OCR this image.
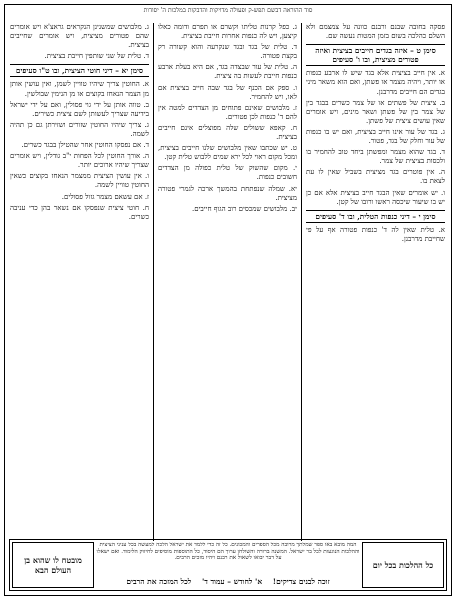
סוד ההוראה דבשם תפש‑ק ופעולה מדויקות והדבקות במלכות ה' יסודות
פסקה בחובה שבנם ורבנם כוונה על צמצמם ולא השלם כהלכה בשום בזמן המטות נעשה שם.
סימן ט – איזה בגדים חייבים בציצית ואיזה פטורים מציצית, ובו ו' סעיפים
א. אין חייב בציצית אלא בגד שיש לו ארבע כנפות או יותר, ויהיה מצמר או פשתן, ואם הוא משאר מיני בגדים הם חייבים מדרבנן.
ב. ציצית של פשתים או של צמר כשרים בבגד בין של צמר בין של פשתן ושאר מינים, ויש אומרים שאין עושים ציצית של פשתן.
ג. בגד של עור אינו חייב בציצית, ואם יש בו כנפות של עור וחלק של בגד, פטור.
ד. בגד שהוא מצמר ומפשתן ביחד טוב להחמיר בו ולכסות בציצית של צמר.
ה. אין פוטרים בגד מציצית בשביל שאין לו עת לצאת בו.
ו. יש אומרים שאין הבגד חייב בציצית אלא אם כן יש בו שיעור שיכסה ראשו ורובו של קטן.
סימן י – דיני כנפות הטלית, ובו ד' סעיפים
א. טלית שאין לה ד' כנפות פטורה אף על פי שחייבת מדרבנן.
ג. כפל קרנות טליתו וקשרם או תפרם ודומה כאלו קיצען, ויש לה כנפות אחרות חייבת בציצית.
ד. טלית של בגד ובגד שנקרעה והוא קשורה רק בקצת פטורה.
ה. טלית של עור שבצדה בגד, אם היא בעלת ארבע כנפות חייבת לעשות בה ציצית.
ו. ספק אם הכנף של בגד שבה חייב בציצית אם לאו, ויש להחמיר.
ז. מלבושים שאינם פתוחים מן הצדדים למטה אין להם ד' כנפות לכן פטורים.
ח. קאפא ששולים שלה מפוצלים אינם חייבים בציצית.
ט. יש שכתבו שאין מלבושים שלנו חייבים בציצית, ומכל מקום ראוי לכל ירא שמים ללבוש טלית קטן.
י. מקום שהשוק של טלית כפולה מן הצדדים חשובים כנפות.
יא. שמלה שנפתחת בהמשך ארכה לגמרי פטורה מציצית.
יב. מלבושים שמכסים רוב הגוף חייבים.
ג. מלבושים שמשנינן הנקראים גראצ'א ויש אומרים שהם פטורים מציצית, ויש אומרים שחייבים בציצית.
ד. טלית של שני שותפין חייבת בציצית.
סימן יא – דיני חוטי הציצית, ובו ט"ו סעיפים
א. החוטין צריך שיהיו טוויין לשמן, ואין עושין אותן מן הצמר הנאחז בקוצים או מן הנימין שבולשין.
ב. טווה אותן על ידי גוי פסולין, ואם על ידי ישראל בידיעה שצריך לעשותן לשם ציצית כשירים.
ג. צריך שיהיו החוטין שזורים ושזירתן גם כן תהיה לשמה.
ד. אם נפסקו החוטין אחר שהטילן בבגד כשרים.
ה. אורך החוטין לכל הפחות י"ב גודלין, ויש אומרים שצריך שיהיו ארוכים יותר.
ו. אין עושין הציצית ממצמר הנאחז בקוצים כשאין החוטין טוויין לשמה.
ז. אם עשאם מצמר גזול פסולים.
ח. חוטי ציצית שנפסקו אם נשאר בהן כדי עניבה כשרים.
כל ההלכות בכל יום
המה מובא באו ספר שמלתך מרובה מכל הספרים והמכונים. כל זה כדי ללמד את ישראל הלכה למעשה בכל עניני הציצית וההלכות הנוגעות לכל בר ישראל. המשנה ברורה והשולחן ערוך הם היסוד, כל התוספות מוסיפים לחיזוק הלימוד. ואם ישאלו על דבר יבואו לשאול את רבנם ויהיו מזכים הרבים.
זוכה לבנים צדיקים! א' לחודש – עמוד ד' לכל המזכה את הרבים
מובטח לו שהוא בן העולם הבא
